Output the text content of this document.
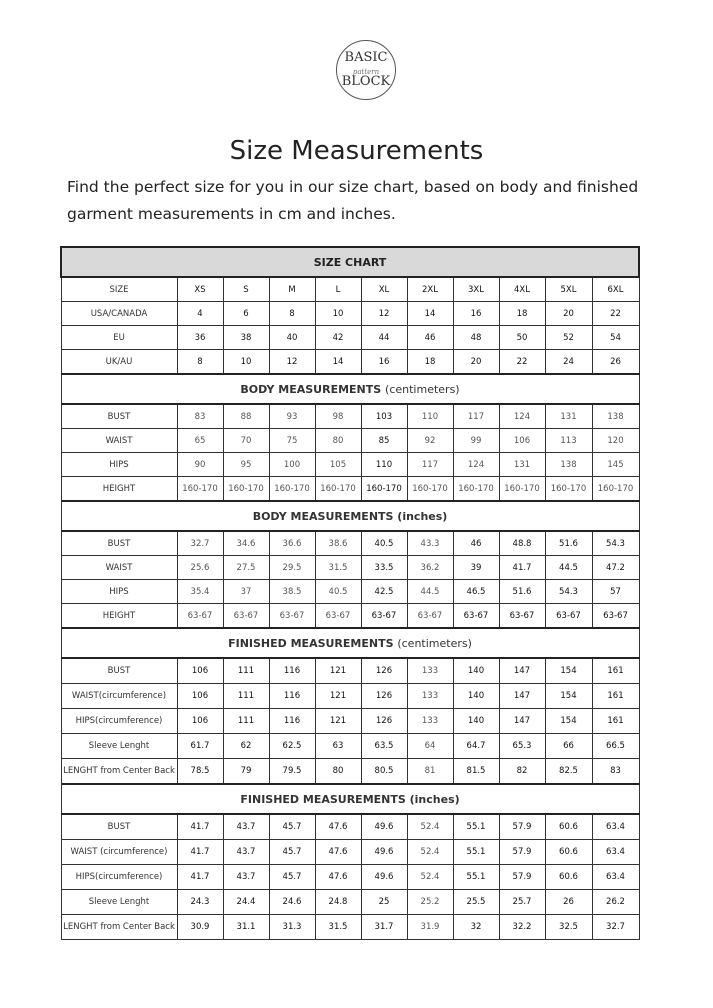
BASIC
pattern
BLOCK
Size Measurements

Find the perfect size for you in our size chart, based on body and finished garment measurements in cm and inches.

SIZE CHART										
SIZE	XS	S	M	L	XL	2XL	3XL	4XL	5XL	6XL
USA/CANADA	4	6	8	10	12	14	16	18	20	22
EU	36	38	40	42	44	46	48	50	52	54
UK/AU	8	10	12	14	16	18	20	22	24	26
BODY MEASUREMENTS (centimeters)										
BUST	83	88	93	98	103	110	117	124	131	138
WAIST	65	70	75	80	85	92	99	106	113	120
HIPS	90	95	100	105	110	117	124	131	138	145
HEIGHT	160-170	160-170	160-170	160-170	160-170	160-170	160-170	160-170	160-170	160-170
BODY MEASUREMENTS (inches)										
BUST	32.7	34.6	36.6	38.6	40.5	43.3	46	48.8	51.6	54.3
WAIST	25.6	27.5	29.5	31.5	33.5	36.2	39	41.7	44.5	47.2
HIPS	35.4	37	38.5	40.5	42.5	44.5	46.5	51.6	54.3	57
HEIGHT	63-67	63-67	63-67	63-67	63-67	63-67	63-67	63-67	63-67	63-67
FINISHED MEASUREMENTS (centimeters)										
BUST	106	111	116	121	126	133	140	147	154	161
WAIST(circumference)	106	111	116	121	126	133	140	147	154	161
HIPS(circumference)	106	111	116	121	126	133	140	147	154	161
Sleeve Lenght	61.7	62	62.5	63	63.5	64	64.7	65.3	66	66.5
LENGHT from Center Back	78.5	79	79.5	80	80.5	81	81.5	82	82.5	83
FINISHED MEASUREMENTS (inches)										
BUST	41.7	43.7	45.7	47.6	49.6	52.4	55.1	57.9	60.6	63.4
WAIST (circumference)	41.7	43.7	45.7	47.6	49.6	52.4	55.1	57.9	60.6	63.4
HIPS(circumference)	41.7	43.7	45.7	47.6	49.6	52.4	55.1	57.9	60.6	63.4
Sleeve Lenght	24.3	24.4	24.6	24.8	25	25.2	25.5	25.7	26	26.2
LENGHT from Center Back	30.9	31.1	31.3	31.5	31.7	31.9	32	32.2	32.5	32.7
